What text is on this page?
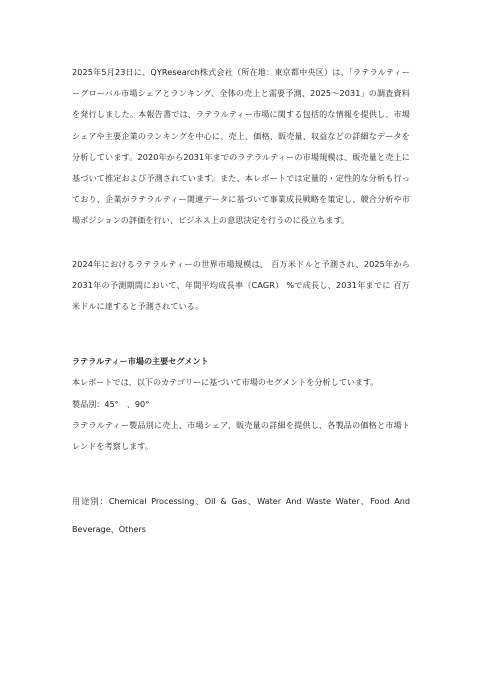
2025年5月23日に、QYResearch株式会社（所在地：東京都中央区）は、「ラテラルティーーグローバル市場シェアとランキング、全体の売上と需要予測、2025〜2031」の調査資料を発行しました。本報告書では、ラテラルティー市場に関する包括的な情報を提供し、市場シェアや主要企業のランキングを中心に、売上、価格、販売量、収益などの詳細なデータを分析しています。2020年から2031年までのラテラルティーの市場規模は、販売量と売上に基づいて推定および予測されています。また、本レポートでは定量的・定性的な分析も行っており、企業がラテラルティー関連データに基づいて事業成長戦略を策定し、競合分析や市場ポジションの評価を行い、ビジネス上の意思決定を行うのに役立ちます。

2024年におけるラテラルティーの世界市場規模は、 百万米ドルと予測され、2025年から2031年の予測期間において、年間平均成長率（CAGR） %で成長し、2031年までに 百万米ドルに達すると予測されている。

ラテラルティー市場の主要セグメント

本レポートでは、以下のカテゴリーに基づいて市場のセグメントを分析しています。

製品別：45°　、90°

ラテラルティー製品別に売上、市場シェア、販売量の詳細を提供し、各製品の価格と市場トレンドを考察します。

用途別：Chemical Processing、Oil & Gas、Water And Waste Water、Food And Beverage、Others
